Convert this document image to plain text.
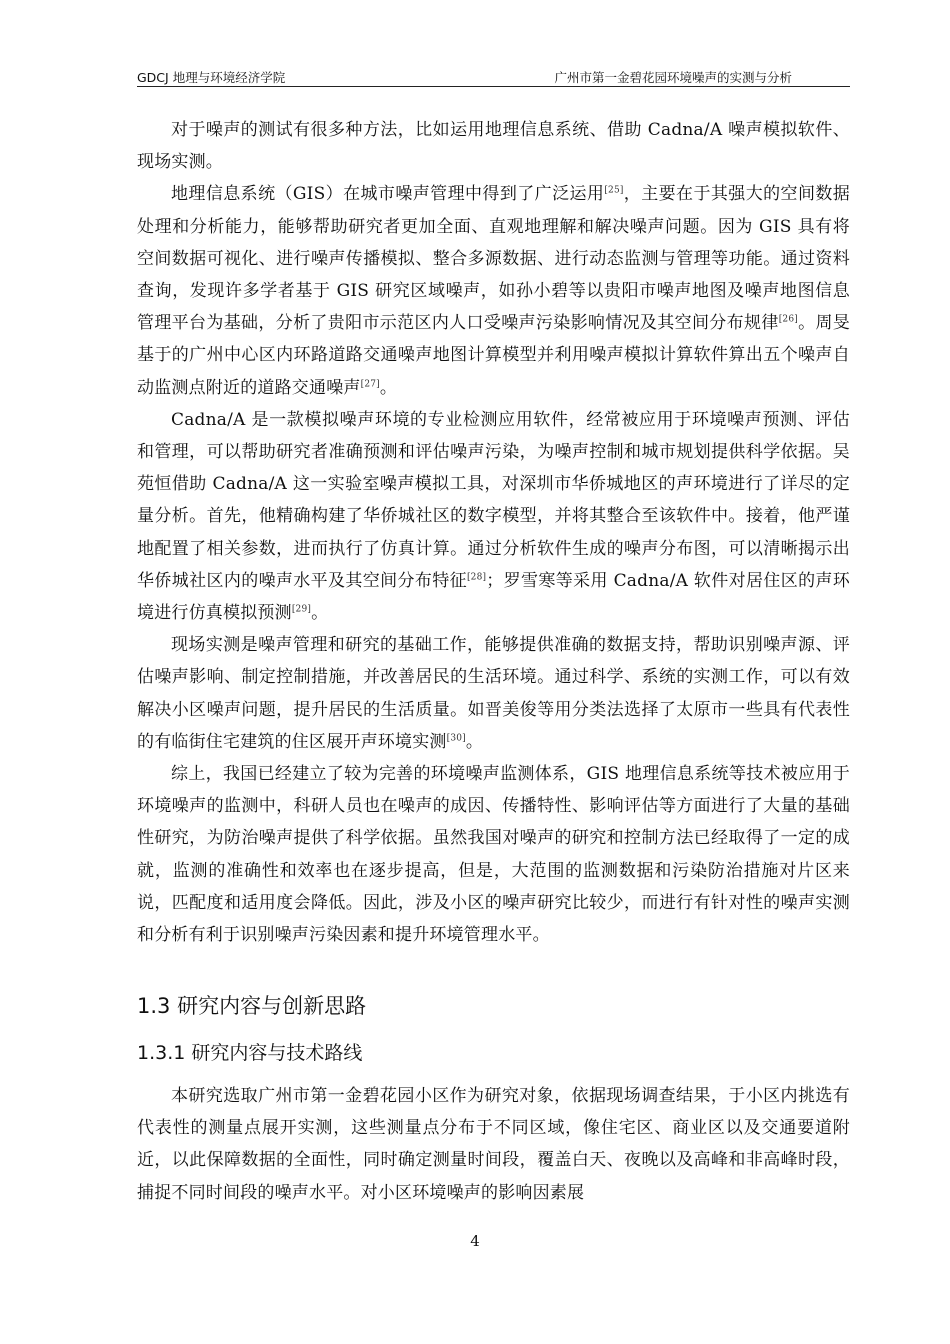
GDCJ 地理与环境经济学院	广州市第一金碧花园环境噪声的实测与分析

对于噪声的测试有很多种方法，比如运用地理信息系统、借助 Cadna/A 噪声模拟软件、现场实测。

地理信息系统（GIS）在城市噪声管理中得到了广泛运用[25]，主要在于其强大的空间数据处理和分析能力，能够帮助研究者更加全面、直观地理解和解决噪声问题。因为 GIS 具有将空间数据可视化、进行噪声传播模拟、整合多源数据、进行动态监测与管理等功能。通过资料查询，发现许多学者基于 GIS 研究区域噪声，如孙小碧等以贵阳市噪声地图及噪声地图信息管理平台为基础，分析了贵阳市示范区内人口受噪声污染影响情况及其空间分布规律[26]。周旻基于的广州中心区内环路道路交通噪声地图计算模型并利用噪声模拟计算软件算出五个噪声自动监测点附近的道路交通噪声[27]。

Cadna/A 是一款模拟噪声环境的专业检测应用软件，经常被应用于环境噪声预测、评估和管理，可以帮助研究者准确预测和评估噪声污染，为噪声控制和城市规划提供科学依据。吴苑恒借助 Cadna/A 这一实验室噪声模拟工具，对深圳市华侨城地区的声环境进行了详尽的定量分析。首先，他精确构建了华侨城社区的数字模型，并将其整合至该软件中。接着，他严谨地配置了相关参数，进而执行了仿真计算。通过分析软件生成的噪声分布图，可以清晰揭示出华侨城社区内的噪声水平及其空间分布特征[28]；罗雪寒等采用 Cadna/A 软件对居住区的声环境进行仿真模拟预测[29]。

现场实测是噪声管理和研究的基础工作，能够提供准确的数据支持，帮助识别噪声源、评估噪声影响、制定控制措施，并改善居民的生活环境。通过科学、系统的实测工作，可以有效解决小区噪声问题，提升居民的生活质量。如晋美俊等用分类法选择了太原市一些具有代表性的有临街住宅建筑的住区展开声环境实测[30]。

综上，我国已经建立了较为完善的环境噪声监测体系，GIS 地理信息系统等技术被应用于环境噪声的监测中，科研人员也在噪声的成因、传播特性、影响评估等方面进行了大量的基础性研究，为防治噪声提供了科学依据。虽然我国对噪声的研究和控制方法已经取得了一定的成就，监测的准确性和效率也在逐步提高，但是，大范围的监测数据和污染防治措施对片区来说，匹配度和适用度会降低。因此，涉及小区的噪声研究比较少，而进行有针对性的噪声实测和分析有利于识别噪声污染因素和提升环境管理水平。

1.3 研究内容与创新思路
1.3.1 研究内容与技术路线

本研究选取广州市第一金碧花园小区作为研究对象，依据现场调查结果，于小区内挑选有代表性的测量点展开实测，这些测量点分布于不同区域，像住宅区、商业区以及交通要道附近，以此保障数据的全面性，同时确定测量时间段，覆盖白天、夜晚以及高峰和非高峰时段，捕捉不同时间段的噪声水平。对小区环境噪声的影响因素展

4
